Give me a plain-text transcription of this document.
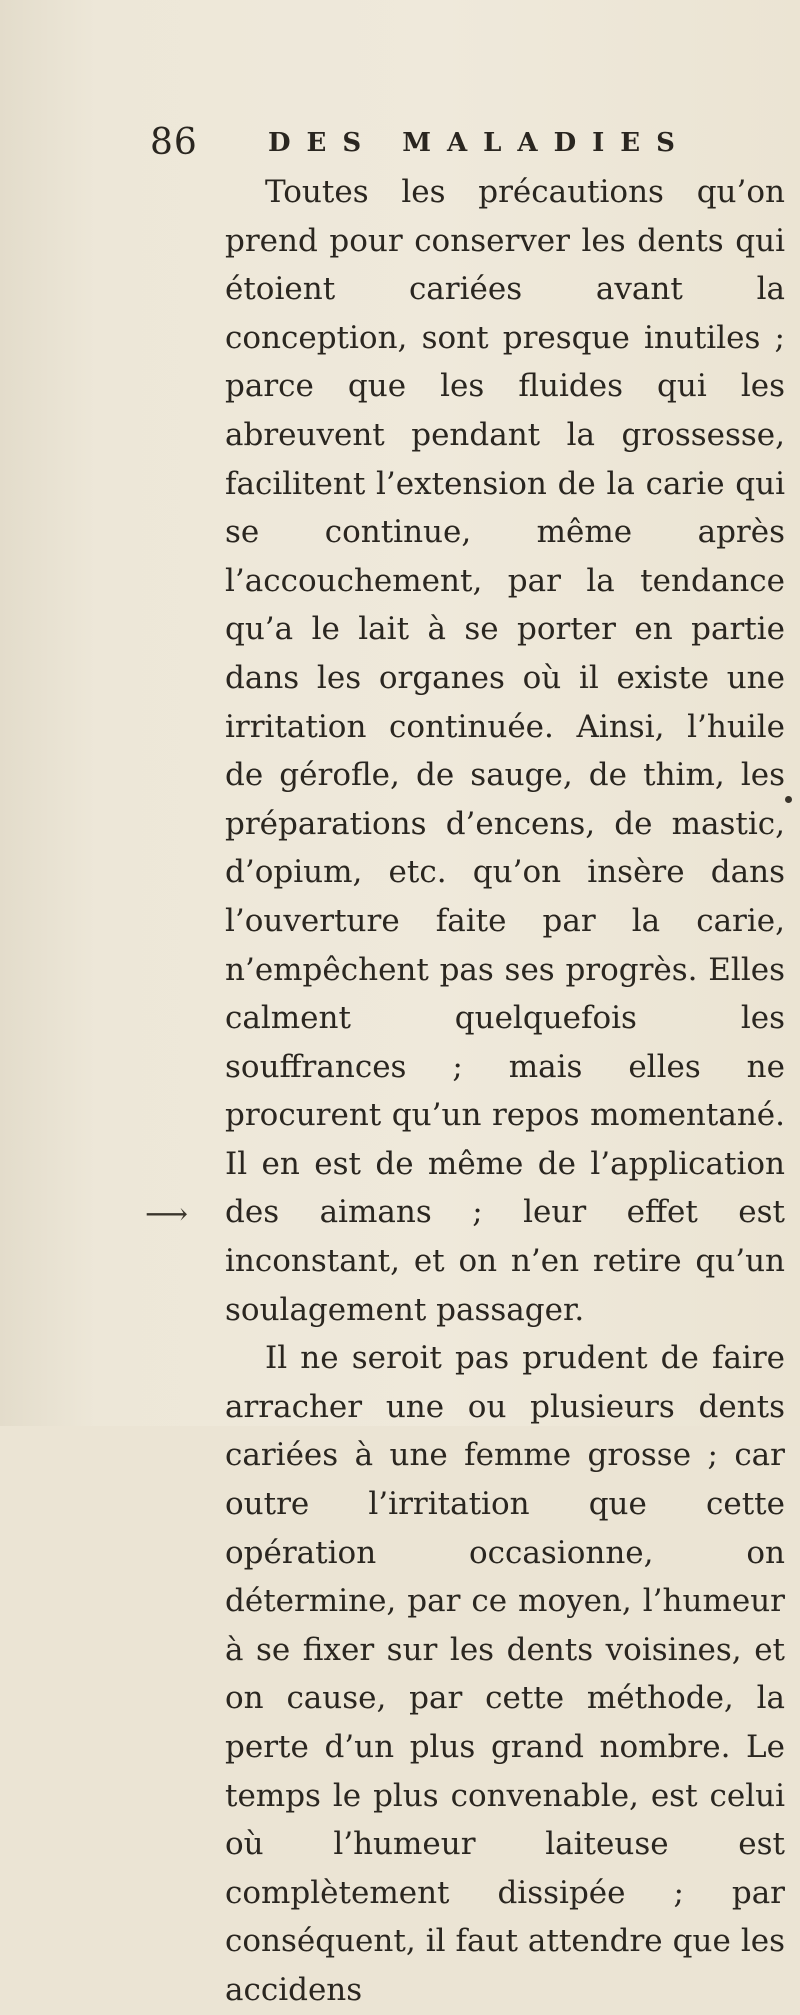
86	DES MALADIES

Toutes les précautions qu’on prend pour conserver les dents qui étoient cariées avant la conception, sont presque inutiles ; parce que les fluides qui les abreuvent pendant la grossesse, facilitent l’extension de la carie qui se continue, même après l’accouchement, par la tendance qu’a le lait à se porter en partie dans les organes où il existe une irritation continuée. Ainsi, l’huile de gérofle, de sauge, de thim, les préparations d’encens, de mastic, d’opium, etc. qu’on insère dans l’ouverture faite par la carie, n’empêchent pas ses progrès. Elles calment quelquefois les souffrances ; mais elles ne procurent qu’un repos momentané. Il en est de même de l’application des aimans ; leur effet est inconstant, et on n’en retire qu’un soulagement passager.

Il ne seroit pas prudent de faire arracher une ou plusieurs dents cariées à une femme grosse ; car outre l’irritation que cette opération occasionne, on détermine, par ce moyen, l’humeur à se fixer sur les dents voisines, et on cause, par cette méthode, la perte d’un plus grand nombre. Le temps le plus convenable, est celui où l’humeur laiteuse est complètement dissipée ; par conséquent, il faut attendre que les accidens

⟶
